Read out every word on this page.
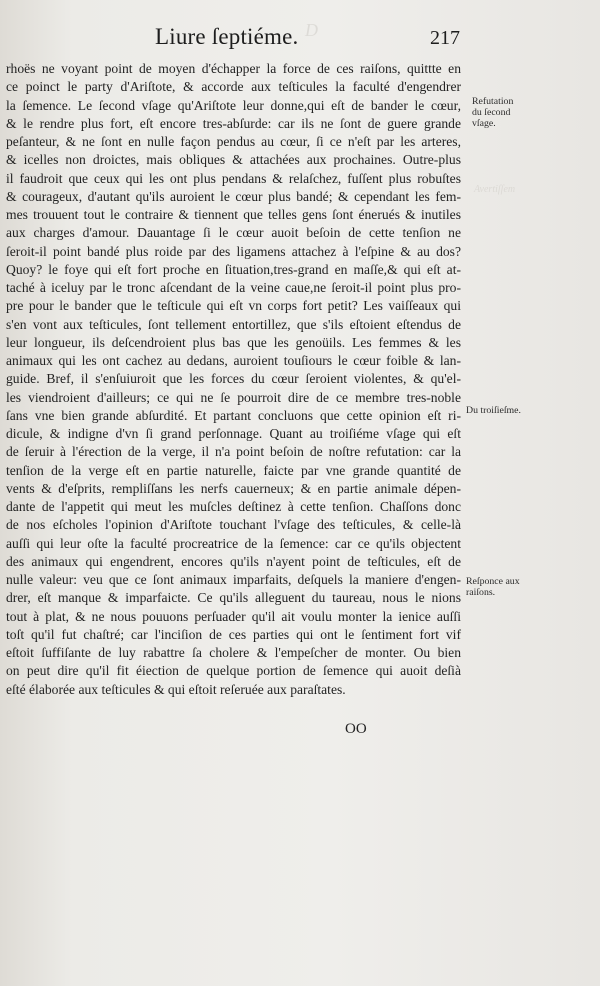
D
Avertiſſem
Liure ſeptiéme.	217
rhoës ne voyant point de moyen d'échapper la force de ces raiſons, quittte en
ce poinct le party d'Ariſtote, & accorde aux teſticules la faculté d'engendrer
la ſemence. Le ſecond vſage qu'Ariſtote leur donne,qui eſt de bander le cœur,
& le rendre plus fort, eſt encore tres-abſurde: car ils ne ſont de guere grande
peſanteur, & ne ſont en nulle façon pendus au cœur, ſi ce n'eſt par les arteres,
& icelles non droictes, mais obliques & attachées aux prochaines. Outre-plus
il faudroit que ceux qui les ont plus pendans & relaſchez, fuſſent plus robuſtes
& courageux, d'autant qu'ils auroient le cœur plus bandé; & cependant les fem-
mes trouuent tout le contraire & tiennent que telles gens ſont énerués & inutiles
aux charges d'amour. Dauantage ſi le cœur auoit beſoin de cette tenſion ne
ſeroit-il point bandé plus roide par des ligamens attachez à l'eſpine & au dos?
Quoy? le foye qui eſt fort proche en ſituation,tres-grand en maſſe,& qui eſt at-
taché à iceluy par le tronc aſcendant de la veine caue,ne ſeroit-il point plus pro-
pre pour le bander que le teſticule qui eſt vn corps fort petit? Les vaiſſeaux qui
s'en vont aux teſticules, ſont tellement entortillez, que s'ils eſtoient eſtendus de
leur longueur, ils deſcendroient plus bas que les genoüils. Les femmes & les
animaux qui les ont cachez au dedans, auroient touſiours le cœur foible & lan-
guide. Bref, il s'enſuiuroit que les forces du cœur ſeroient violentes, & qu'el-
les viendroient d'ailleurs; ce qui ne ſe pourroit dire de ce membre tres-noble
ſans vne bien grande abſurdité. Et partant concluons que cette opinion eſt ri-
dicule, & indigne d'vn ſi grand perſonnage. Quant au troiſiéme vſage qui eſt
de ſeruir à l'érection de la verge, il n'a point beſoin de noſtre refutation: car la
tenſion de la verge eſt en partie naturelle, faicte par vne grande quantité de
vents & d'eſprits, rempliſſans les nerfs cauerneux; & en partie animale dépen-
dante de l'appetit qui meut les muſcles deſtinez à cette tenſion. Chaſſons donc
de nos eſcholes l'opinion d'Ariſtote touchant l'vſage des teſticules, & celle-là
auſſi qui leur oſte la faculté procreatrice de la ſemence: car ce qu'ils objectent
des animaux qui engendrent, encores qu'ils n'ayent point de teſticules, eſt de
nulle valeur: veu que ce ſont animaux imparfaits, deſquels la maniere d'engen-
drer, eſt manque & imparfaicte. Ce qu'ils alleguent du taureau, nous le nions
tout à plat, & ne nous pouuons perſuader qu'il ait voulu monter la ienice auſſi
toſt qu'il fut chaſtré; car l'inciſion de ces parties qui ont le ſentiment fort vif
eſtoit ſuffiſante de luy rabattre ſa cholere & l'empeſcher de monter. Ou bien
on peut dire qu'il fit éiection de quelque portion de ſemence qui auoit deſià
eſté élaborée aux teſticules & qui eſtoit reſeruée aux paraſtates.
Refutation
du ſecond
vſage.
Du troiſieſme.
Reſponce aux
raiſons.
OO
